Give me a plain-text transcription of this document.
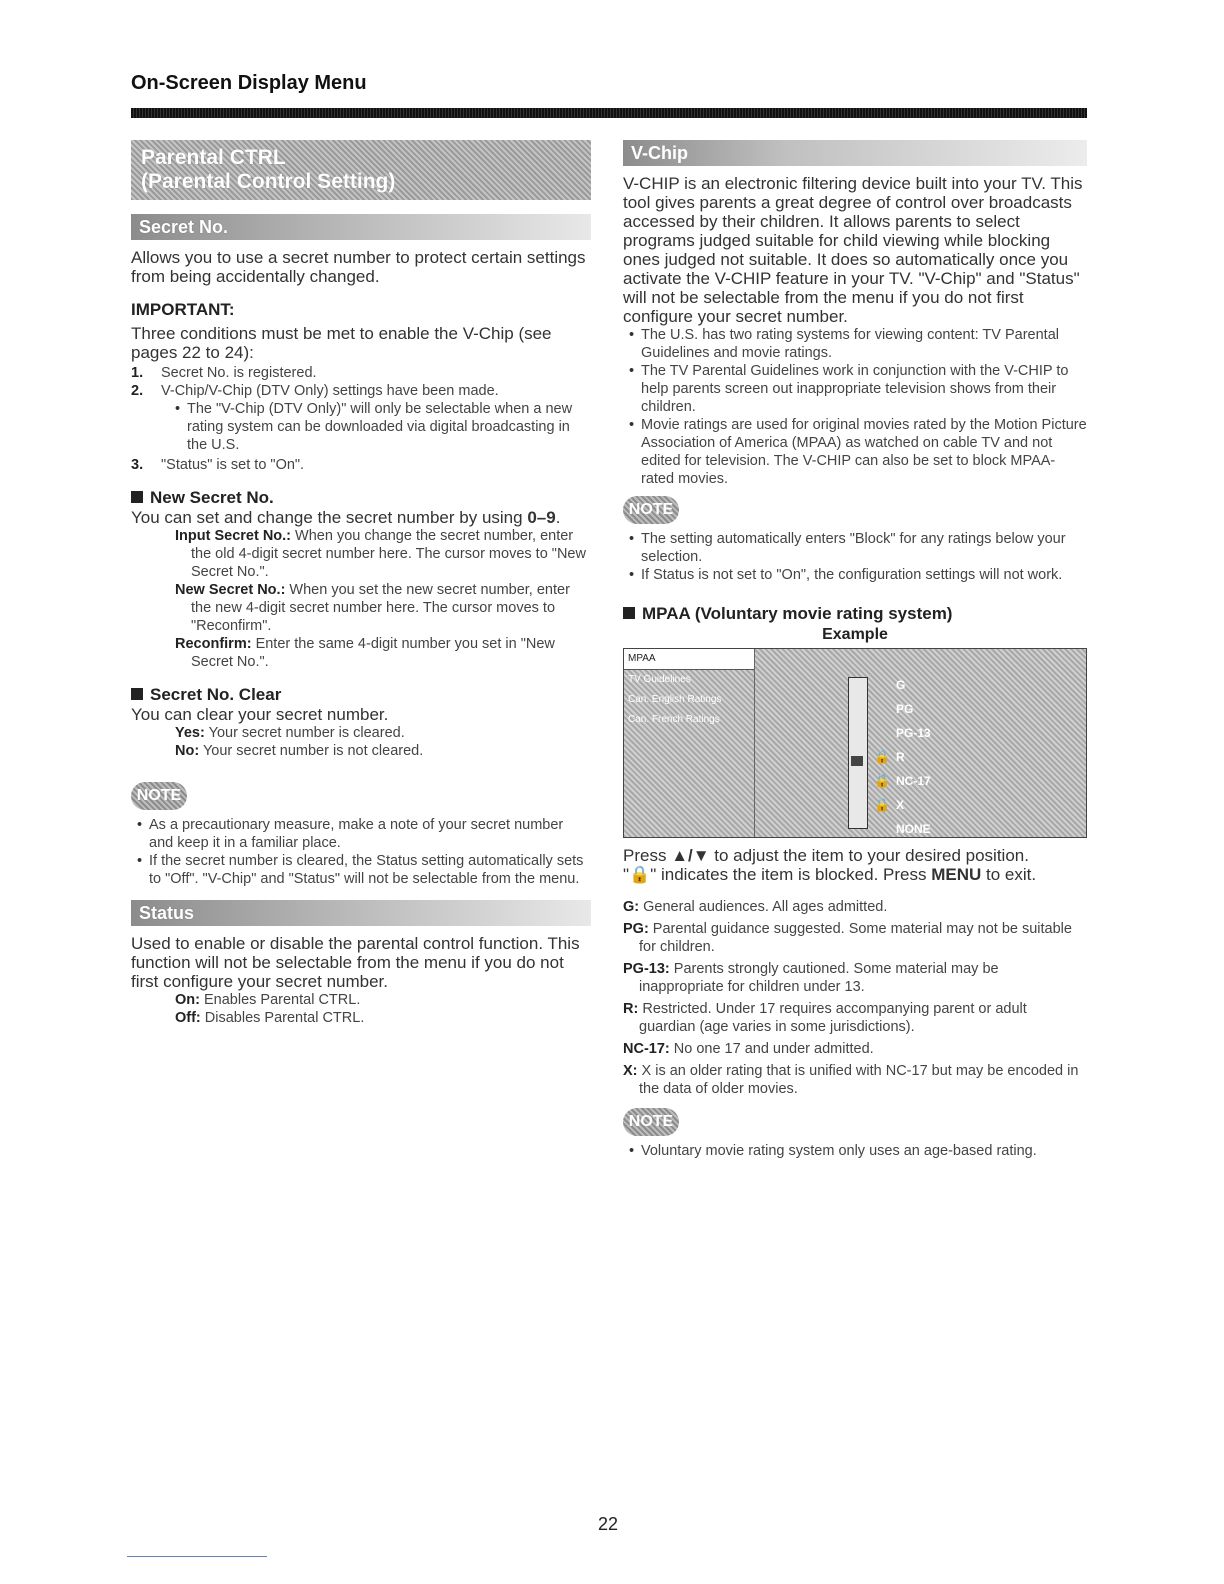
On-Screen Display Menu
Parental CTRL
(Parental Control Setting)
Secret No.

Allows you to use a secret number to protect certain settings from being accidentally changed.

IMPORTANT:

Three conditions must be met to enable the V-Chip (see pages 22 to 24):

1. Secret No. is registered.
2. V-Chip/V-Chip (DTV Only) settings have been made.
• The "V-Chip (DTV Only)" will only be selectable when a new rating system can be downloaded via digital broadcasting in the U.S.
3. "Status" is set to "On".
New Secret No.

You can set and change the secret number by using 0–9.

Input Secret No.: When you change the secret number, enter the old 4-digit secret number here. The cursor moves to "New Secret No.".

New Secret No.: When you set the new secret number, enter the new 4-digit secret number here. The cursor moves to "Reconfirm".

Reconfirm: Enter the same 4-digit number you set in "New Secret No.".

Secret No. Clear

You can clear your secret number.

Yes: Your secret number is cleared.

No: Your secret number is not cleared.

NOTE
• As a precautionary measure, make a note of your secret number and keep it in a familiar place.
• If the secret number is cleared, the Status setting automatically sets to "Off". "V-Chip" and "Status" will not be selectable from the menu.
Status

Used to enable or disable the parental control function. This function will not be selectable from the menu if you do not first configure your secret number.

On: Enables Parental CTRL.

Off: Disables Parental CTRL.

V-Chip

V-CHIP is an electronic filtering device built into your TV. This tool gives parents a great degree of control over broadcasts accessed by their children. It allows parents to select programs judged suitable for child viewing while blocking ones judged not suitable. It does so automatically once you activate the V-CHIP feature in your TV. "V-Chip" and "Status" will not be selectable from the menu if you do not first configure your secret number.

• The U.S. has two rating systems for viewing content: TV Parental Guidelines and movie ratings.
• The TV Parental Guidelines work in conjunction with the V-CHIP to help parents screen out inappropriate television shows from their children.
• Movie ratings are used for original movies rated by the Motion Picture Association of America (MPAA) as watched on cable TV and not edited for television. The V-CHIP can also be set to block MPAA-rated movies.
NOTE
• The setting automatically enters "Block" for any ratings below your selection.
• If Status is not set to "On", the configuration settings will not work.
MPAA (Voluntary movie rating system)
Example
MPAA
TV Guidelines
Can. English Ratings
Can. French Ratings
G
PG
PG-13
🔒 R
🔒 NC-17
🔒 X
NONE

Press ▲/▼ to adjust the item to your desired position.
"🔒" indicates the item is blocked. Press MENU to exit.

G: General audiences. All ages admitted.

PG: Parental guidance suggested. Some material may not be suitable for children.

PG-13: Parents strongly cautioned. Some material may be inappropriate for children under 13.

R: Restricted. Under 17 requires accompanying parent or adult guardian (age varies in some jurisdictions).

NC-17: No one 17 and under admitted.

X: X is an older rating that is unified with NC-17 but may be encoded in the data of older movies.

NOTE
• Voluntary movie rating system only uses an age-based rating.
22
